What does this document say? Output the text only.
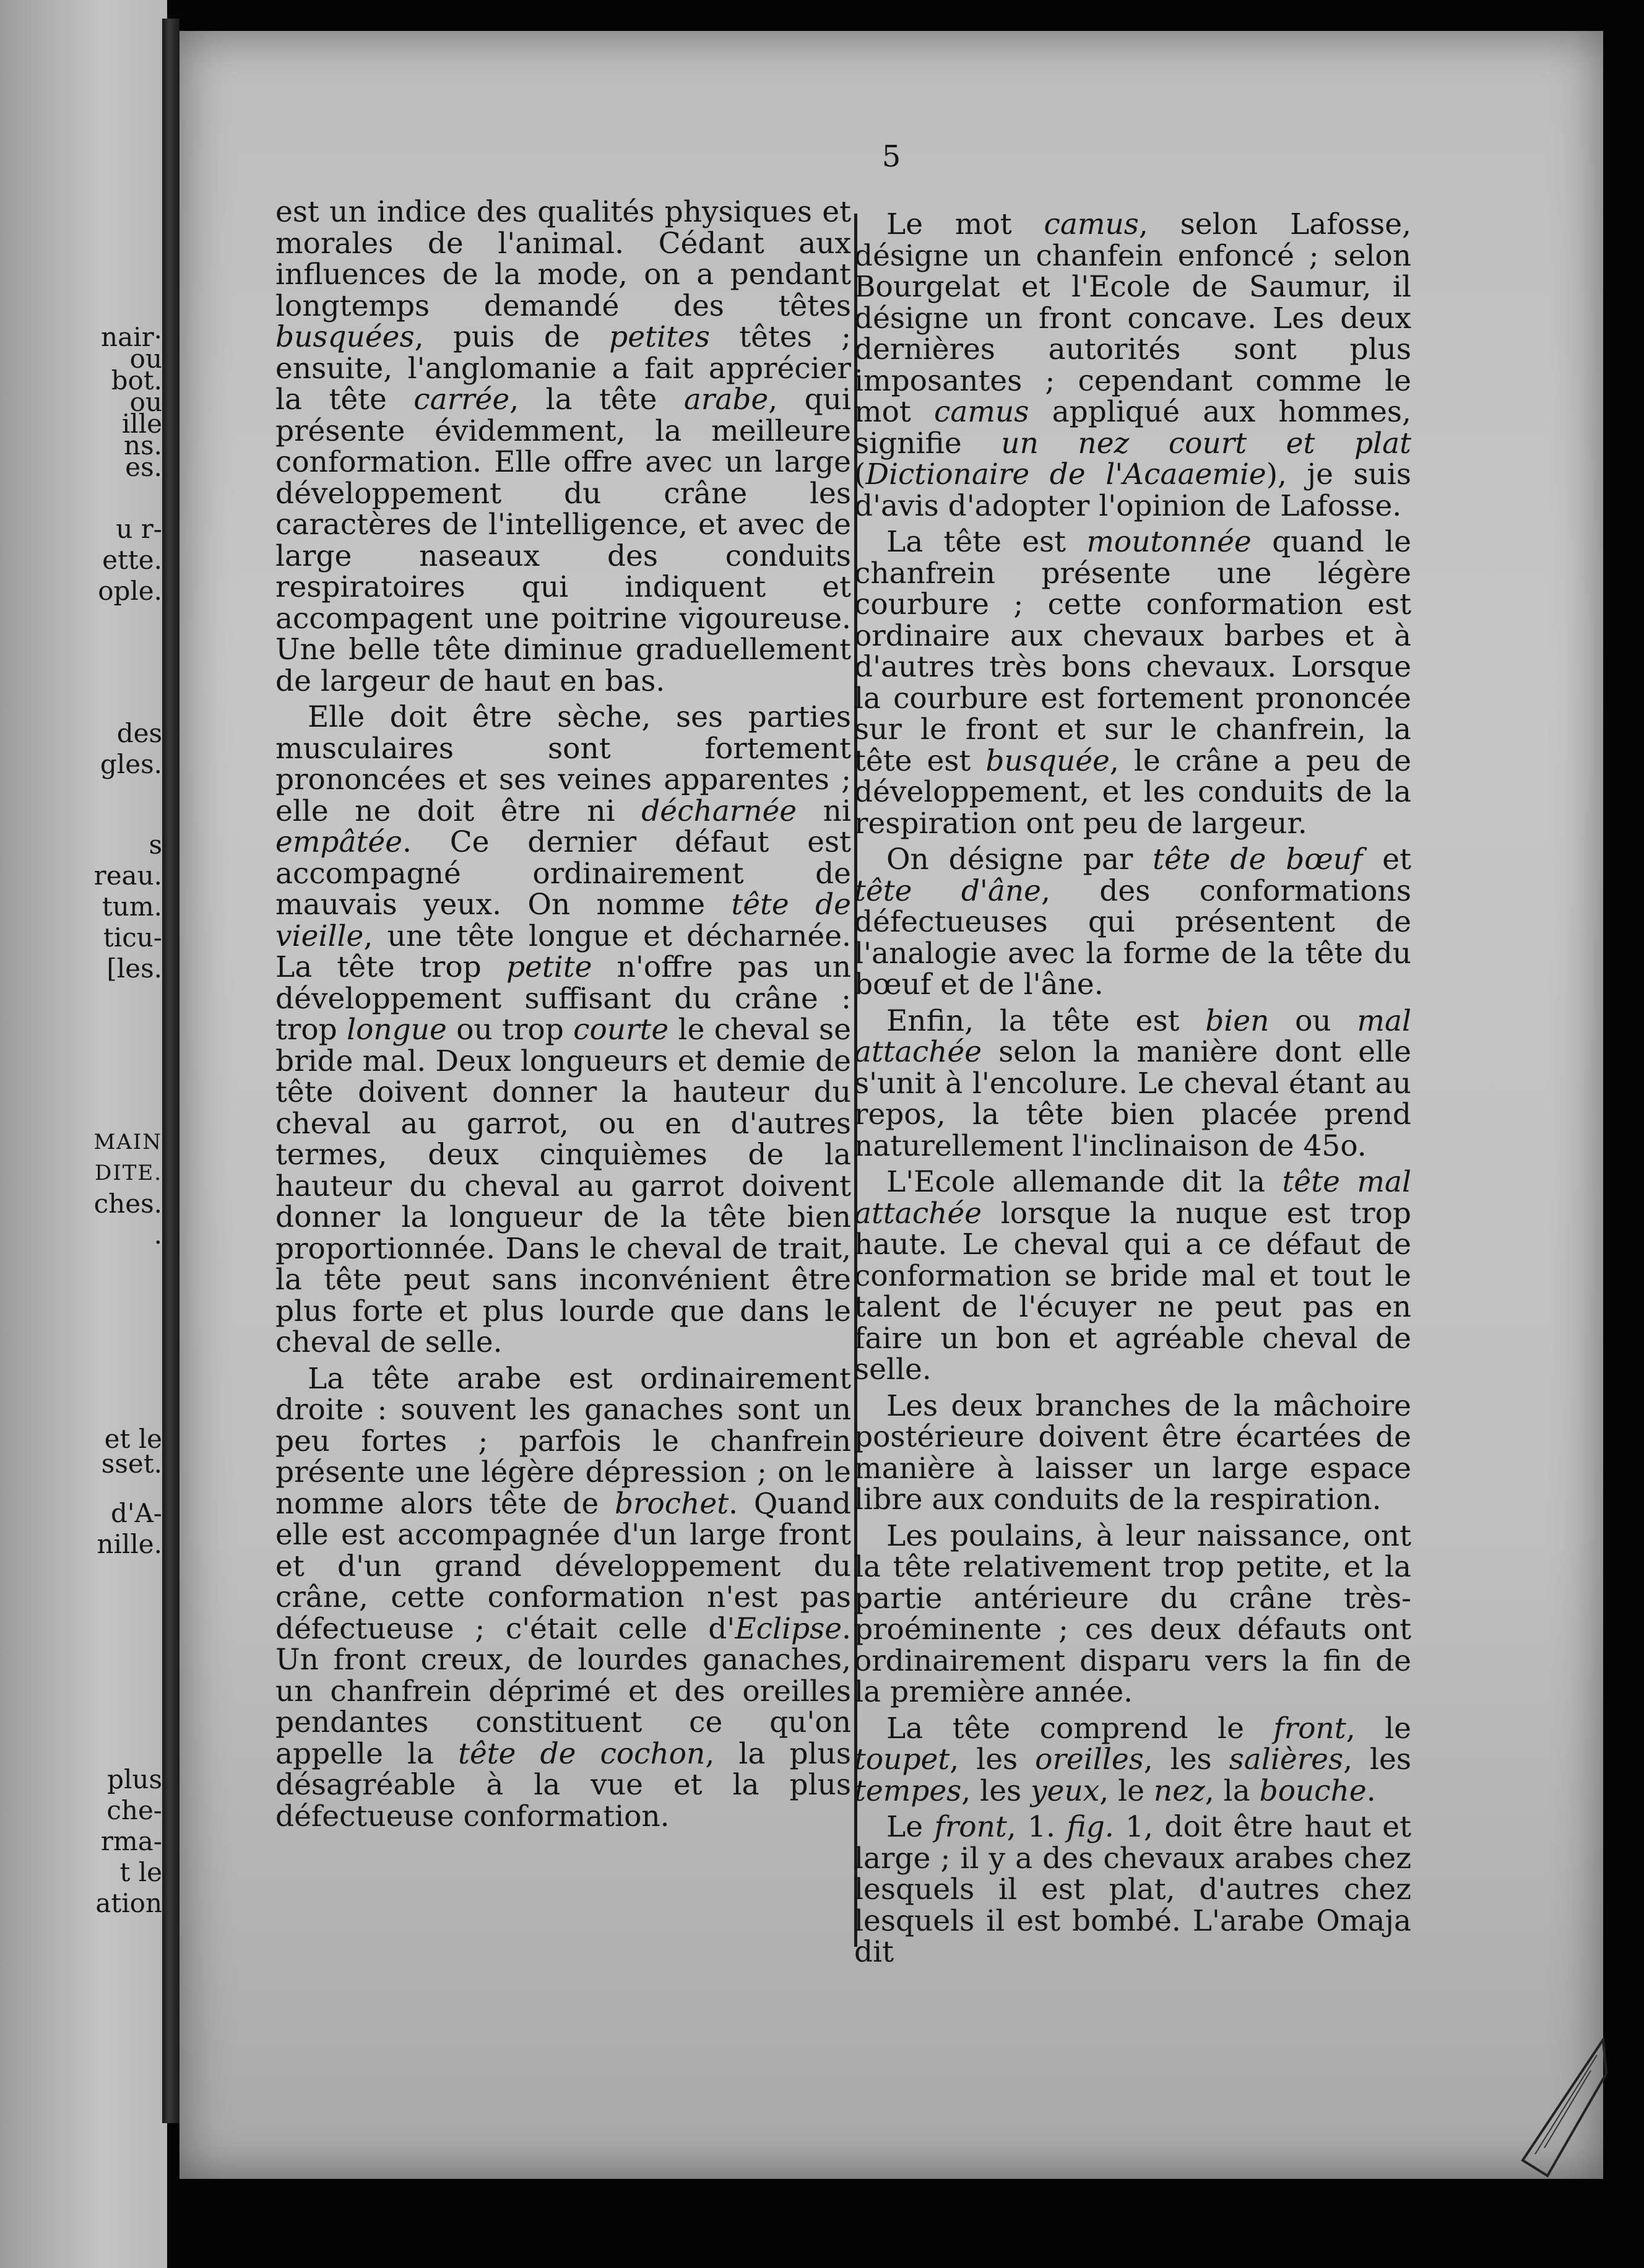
nair·
ou
bot.
ou
ille
ns.
es.
u r-
ette.
ople.
des
gles.
s
reau.
tum.
ticu-
[les.
MAIN
DITE.
ches.
.
et le
sset.
d'A-
nille.
plus
che-
rma-
t le
ation
5

est un indice des qualités physiques et morales de l'animal. Cédant aux influences de la mode, on a pendant longtemps demandé des têtes busquées, puis de petites têtes ; ensuite, l'anglomanie a fait apprécier la tête carrée, la tête arabe, qui présente évidemment, la meilleure conformation. Elle offre avec un large développement du crâne les caractères de l'intelligence, et avec de large naseaux des conduits respiratoires qui indiquent et accompagent une poitrine vigoureuse. Une belle tête diminue graduellement de largeur de haut en bas.

Elle doit être sèche, ses parties musculaires sont fortement prononcées et ses veines apparentes ; elle ne doit être ni décharnée ni empâtée. Ce dernier défaut est accompagné ordinairement de mauvais yeux. On nomme tête de vieille, une tête longue et décharnée. La tête trop petite n'offre pas un développement suffisant du crâne : trop longue ou trop courte le cheval se bride mal. Deux longueurs et demie de tête doivent donner la hauteur du cheval au garrot, ou en d'autres termes, deux cinquièmes de la hauteur du cheval au garrot doivent donner la longueur de la tête bien proportionnée. Dans le cheval de trait, la tête peut sans inconvénient être plus forte et plus lourde que dans le cheval de selle.

La tête arabe est ordinairement droite : souvent les ganaches sont un peu fortes ; parfois le chanfrein présente une légère dépression ; on le nomme alors tête de brochet. Quand elle est accompagnée d'un large front et d'un grand développement du crâne, cette conformation n'est pas défectueuse ; c'était celle d'Eclipse. Un front creux, de lourdes ganaches, un chanfrein déprimé et des oreilles pendantes constituent ce qu'on appelle la tête de cochon, la plus désagréable à la vue et la plus défectueuse conformation.

Le mot camus, selon Lafosse, désigne un chanfein enfoncé ; selon Bourgelat et l'Ecole de Saumur, il désigne un front concave. Les deux dernières autorités sont plus imposantes ; cependant comme le mot camus appliqué aux hommes, signifie un nez court et plat (Dictionaire de l'Acaaemie), je suis d'avis d'adopter l'opinion de Lafosse.

La tête est moutonnée quand le chanfrein présente une légère courbure ; cette conformation est ordinaire aux chevaux barbes et à d'autres très bons chevaux. Lorsque la courbure est fortement prononcée sur le front et sur le chanfrein, la tête est busquée, le crâne a peu de développement, et les conduits de la respiration ont peu de largeur.

On désigne par tête de bœuf et tête d'âne, des conformations défectueuses qui présentent de l'analogie avec la forme de la tête du bœuf et de l'âne.

Enfin, la tête est bien ou mal attachée selon la manière dont elle s'unit à l'encolure. Le cheval étant au repos, la tête bien placée prend naturellement l'inclinaison de 45o.

L'Ecole allemande dit la tête mal attachée lorsque la nuque est trop haute. Le cheval qui a ce défaut de conformation se bride mal et tout le talent de l'écuyer ne peut pas en faire un bon et agréable cheval de selle.

Les deux branches de la mâchoire postérieure doivent être écartées de manière à laisser un large espace libre aux conduits de la respiration.

Les poulains, à leur naissance, ont la tête relativement trop petite, et la partie antérieure du crâne très-proéminente ; ces deux défauts ont ordinairement disparu vers la fin de la première année.

La tête comprend le front, le toupet, les oreilles, les salières, les tempes, les yeux, le nez, la bouche.

Le front, 1. fig. 1, doit être haut et large ; il y a des chevaux arabes chez lesquels il est plat, d'autres chez lesquels il est bombé. L'arabe Omaja dit
